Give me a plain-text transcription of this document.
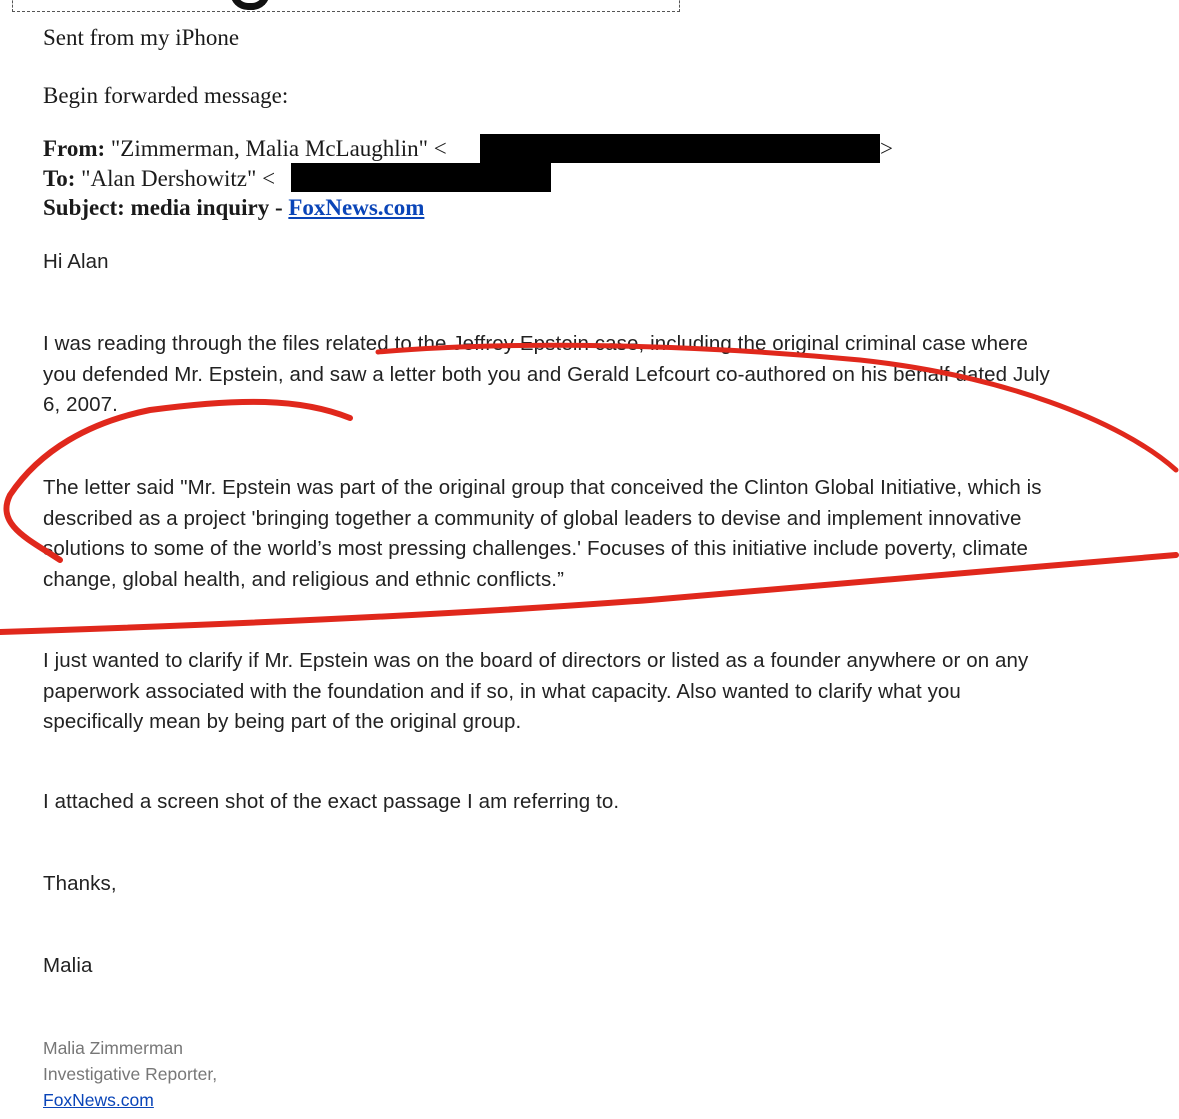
Sent from my iPhone
Begin forwarded message:
From: "Zimmerman, Malia McLaughlin" <	>
To: "Alan Dershowitz" <
Subject: media inquiry - FoxNews.com
Hi Alan
I was reading through the files related to the Jeffrey Epstein case, including the original criminal case where
you defended Mr. Epstein, and saw a letter both you and Gerald Lefcourt co-authored on his behalf dated July
6, 2007.
The letter said "Mr. Epstein was part of the original group that conceived the Clinton Global Initiative, which is
described as a project 'bringing together a community of global leaders to devise and implement innovative
solutions to some of the world’s most pressing challenges.' Focuses of this initiative include poverty, climate
change, global health, and religious and ethnic conflicts.”
I just wanted to clarify if Mr. Epstein was on the board of directors or listed as a founder anywhere or on any
paperwork associated with the foundation and if so, in what capacity. Also wanted to clarify what you
specifically mean by being part of the original group.
I attached a screen shot of the exact passage I am referring to.
Thanks,
Malia
Malia Zimmerman
Investigative Reporter,
FoxNews.com
